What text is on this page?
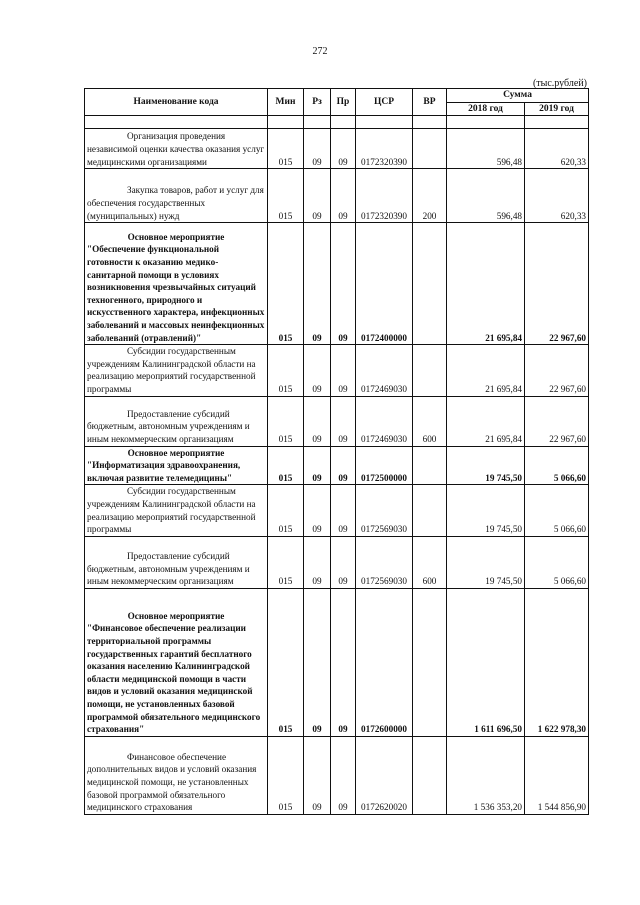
272
(тыс.рублей)
Наименование кода	Мин	Рз	Пр	ЦСР	ВР	Сумма	
						2018 год	2019 год

Организация проведения независимой оценки качества оказания услуг медицинскими организациями	015	09	09	0172320390		596,48	620,33

Закупка товаров, работ и услуг для обеспечения государственных (муниципальных) нужд	015	09	09	0172320390	200	596,48	620,33

Основное мероприятие
"Обеспечение функциональной готовности к оказанию медико-санитарной помощи в условиях возникновения чрезвычайных ситуаций техногенного, природного и искусственного характера, инфекционных заболеваний и массовых неинфекционных заболеваний (отравлений)"	015	09	09	0172400000		21 695,84	22 967,60

Субсидии государственным учреждениям Калининградской области на реализацию мероприятий государственной программы	015	09	09	0172469030		21 695,84	22 967,60

Предоставление субсидий бюджетным, автономным учреждениям и иным некоммерческим организациям	015	09	09	0172469030	600	21 695,84	22 967,60

Основное мероприятие
"Информатизация здравоохранения, включая развитие телемедицины"	015	09	09	0172500000		19 745,50	5 066,60

Субсидии государственным учреждениям Калининградской области на реализацию мероприятий государственной программы	015	09	09	0172569030		19 745,50	5 066,60

Предоставление субсидий бюджетным, автономным учреждениям и иным некоммерческим организациям	015	09	09	0172569030	600	19 745,50	5 066,60

Основное мероприятие
"Финансовое обеспечение реализации территориальной программы государственных гарантий бесплатного оказания населению Калининградской области медицинской помощи в части видов и условий оказания медицинской помощи, не установленных базовой программой обязательного медицинского страхования"	015	09	09	0172600000		1 611 696,50	1 622 978,30

Финансовое обеспечение дополнительных видов и условий оказания медицинской помощи, не установленных базовой программой обязательного медицинского страхования	015	09	09	0172620020		1 536 353,20	1 544 856,90
